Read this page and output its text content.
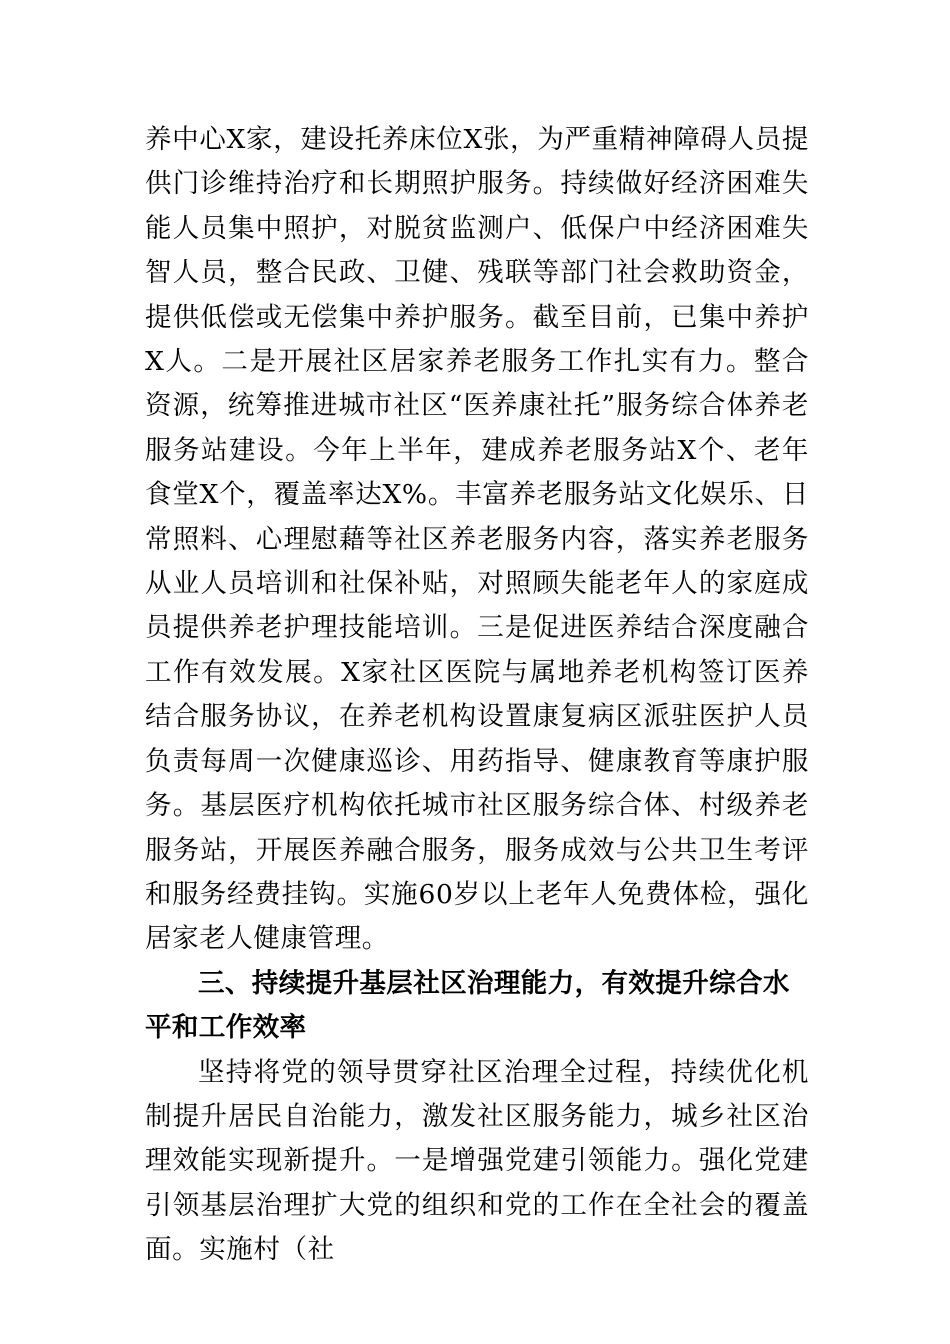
养中心X家，建设托养床位X张，为严重精神障碍人员提供门诊维持治疗和长期照护服务。持续做好经济困难失能人员集中照护，对脱贫监测户、低保户中经济困难失智人员，整合民政、卫健、残联等部门社会救助资金，提供低偿或无偿集中养护服务。截至目前，已集中养护X人。二是开展社区居家养老服务工作扎实有力。整合资源，统筹推进城市社区“医养康社托”服务综合体养老服务站建设。今年上半年，建成养老服务站X个、老年食堂X个，覆盖率达X%。丰富养老服务站文化娱乐、日常照料、心理慰藉等社区养老服务内容，落实养老服务从业人员培训和社保补贴，对照顾失能老年人的家庭成员提供养老护理技能培训。三是促进医养结合深度融合工作有效发展。X家社区医院与属地养老机构签订医养结合服务协议，在养老机构设置康复病区派驻医护人员负责每周一次健康巡诊、用药指导、健康教育等康护服务。基层医疗机构依托城市社区服务综合体、村级养老服务站，开展医养融合服务，服务成效与公共卫生考评和服务经费挂钩。实施60岁以上老年人免费体检，强化居家老人健康管理。

三、持续提升基层社区治理能力，有效提升综合水平和工作效率

坚持将党的领导贯穿社区治理全过程，持续优化机制提升居民自治能力，激发社区服务能力，城乡社区治理效能实现新提升。一是增强党建引领能力。强化党建引领基层治理扩大党的组织和党的工作在全社会的覆盖面。实施村（社
